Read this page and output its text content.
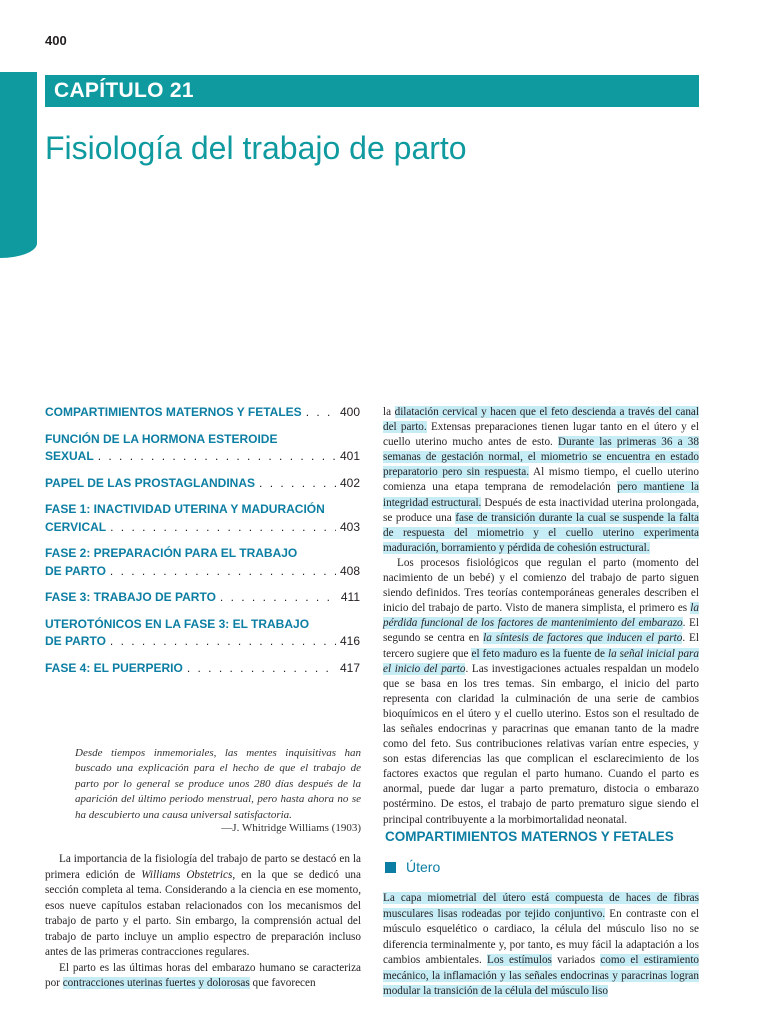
400
CAPÍTULO 21
Fisiología del trabajo de parto
COMPARTIMIENTOS MATERNOS Y FETALES . . .	400
FUNCIÓN DE LA HORMONA ESTEROIDE
SEXUAL . . .	401
PAPEL DE LAS PROSTAGLANDINAS . . .	402
FASE 1: INACTIVIDAD UTERINA Y MADURACIÓN
CERVICAL . . .	403
FASE 2: PREPARACIÓN PARA EL TRABAJO
DE PARTO . . .	408
FASE 3: TRABAJO DE PARTO . . .	411
UTEROTÓNICOS EN LA FASE 3: EL TRABAJO
DE PARTO . . .	416
FASE 4: EL PUERPERIO . . .	417
Desde tiempos inmemoriales, las mentes inquisitivas han buscado una explicación para el hecho de que el trabajo de parto por lo general se produce unos 280 días después de la aparición del último periodo menstrual, pero hasta ahora no se ha descubierto una causa universal satisfactoria.
—J. Whitridge Williams (1903)

La importancia de la fisiología del trabajo de parto se destacó en la primera edición de Williams Obstetrics, en la que se dedicó una sección completa al tema. Considerando a la ciencia en ese momento, esos nueve capítulos estaban relacionados con los mecanismos del trabajo de parto y el parto. Sin embargo, la comprensión actual del trabajo de parto incluye un amplio espectro de preparación incluso antes de las primeras contracciones regulares.

El parto es las últimas horas del embarazo humano se caracteriza por contracciones uterinas fuertes y dolorosas que favorecen

la dilatación cervical y hacen que el feto descienda a través del canal del parto. Extensas preparaciones tienen lugar tanto en el útero y el cuello uterino mucho antes de esto. Durante las primeras 36 a 38 semanas de gestación normal, el miometrio se encuentra en estado preparatorio pero sin respuesta. Al mismo tiempo, el cuello uterino comienza una etapa temprana de remodelación pero mantiene la integridad estructural. Después de esta inactividad uterina prolongada, se produce una fase de transición durante la cual se suspende la falta de respuesta del miometrio y el cuello uterino experimenta maduración, borramiento y pérdida de cohesión estructural.

Los procesos fisiológicos que regulan el parto (momento del nacimiento de un bebé) y el comienzo del trabajo de parto siguen siendo definidos. Tres teorías contemporáneas generales describen el inicio del trabajo de parto. Visto de manera simplista, el primero es la pérdida funcional de los factores de mantenimiento del embarazo. El segundo se centra en la síntesis de factores que inducen el parto. El tercero sugiere que el feto maduro es la fuente de la señal inicial para el inicio del parto. Las investigaciones actuales respaldan un modelo que se basa en los tres temas. Sin embargo, el inicio del parto representa con claridad la culminación de una serie de cambios bioquímicos en el útero y el cuello uterino. Estos son el resultado de las señales endocrinas y paracrinas que emanan tanto de la madre como del feto. Sus contribuciones relativas varían entre especies, y son estas diferencias las que complican el esclarecimiento de los factores exactos que regulan el parto humano. Cuando el parto es anormal, puede dar lugar a parto prematuro, distocia o embarazo postérmino. De estos, el trabajo de parto prematuro sigue siendo el principal contribuyente a la morbimortalidad neonatal.

COMPARTIMIENTOS MATERNOS Y FETALES
Útero

La capa miometrial del útero está compuesta de haces de fibras musculares lisas rodeadas por tejido conjuntivo. En contraste con el músculo esquelético o cardiaco, la célula del músculo liso no se diferencia terminalmente y, por tanto, es muy fácil la adaptación a los cambios ambientales. Los estímulos variados como el estiramiento mecánico, la inflamación y las señales endocrinas y paracrinas logran modular la transición de la célula del músculo liso
